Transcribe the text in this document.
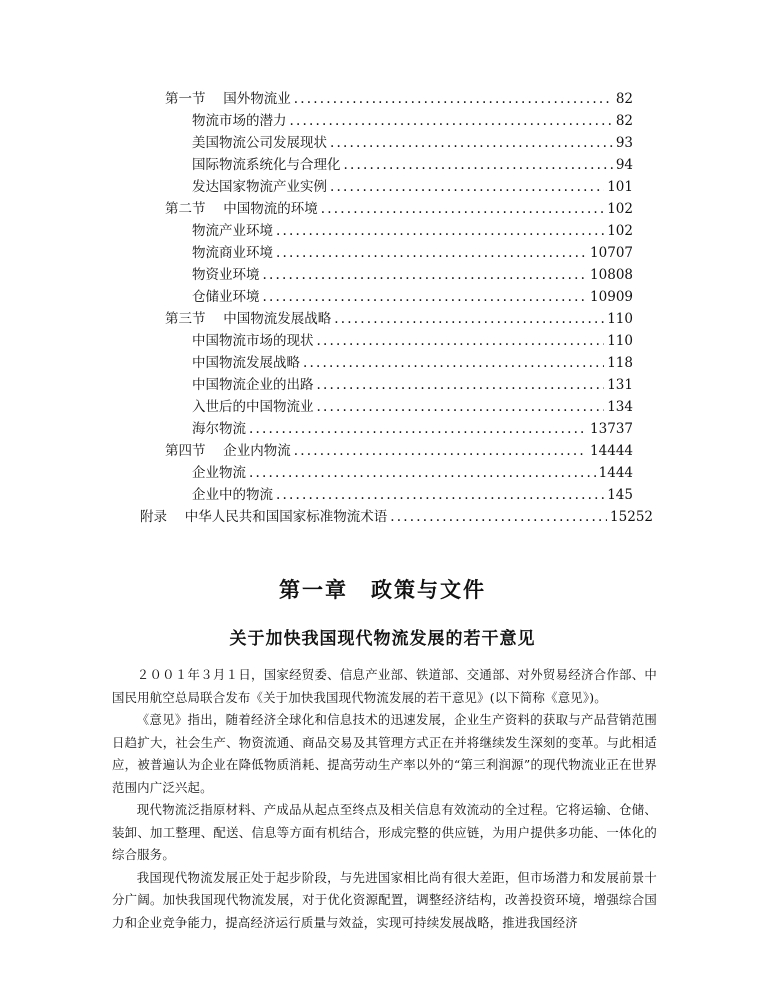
第一节　 国外物流业 .....	82
物流市场的潜力 .....	82
美国物流公司发展现状 .....	93
国际物流系统化与合理化 .....	94
发达国家物流产业实例 .....	101
第二节　 中国物流的环境 .....	102
物流产业环境 .....	102
物流商业环境 .....	10707
物资业环境 .....	10808
仓储业环境 .....	10909
第三节　 中国物流发展战略 .....	110
中国物流市场的现状 .....	110
中国物流发展战略 .....	118
中国物流企业的出路 .....	131
入世后的中国物流业 .....	134
海尔物流 .....	13737
第四节　 企业内物流 .....	14444
企业物流 .....	1444
企业中的物流 .....	145
附录　 中华人民共和国国家标准物流术语 .....	15252
第一章　政策与文件
关于加快我国现代物流发展的若干意见

２００１年３月１日，国家经贸委、信息产业部、铁道部、交通部、对外贸易经济合作部、中国民用航空总局联合发布《关于加快我国现代物流发展的若干意见》(以下简称《意见》)。

《意见》指出，随着经济全球化和信息技术的迅速发展，企业生产资料的获取与产品营销范围日趋扩大，社会生产、物资流通、商品交易及其管理方式正在并将继续发生深刻的变革。与此相适应，被普遍认为企业在降低物质消耗、提高劳动生产率以外的“第三利润源”的现代物流业正在世界范围内广泛兴起。

现代物流泛指原材料、产成品从起点至终点及相关信息有效流动的全过程。它将运输、仓储、装卸、加工整理、配送、信息等方面有机结合，形成完整的供应链，为用户提供多功能、一体化的综合服务。

我国现代物流发展正处于起步阶段，与先进国家相比尚有很大差距，但市场潜力和发展前景十分广阔。加快我国现代物流发展，对于优化资源配置，调整经济结构，改善投资环境，增强综合国力和企业竞争能力，提高经济运行质量与效益，实现可持续发展战略，推进我国经济
